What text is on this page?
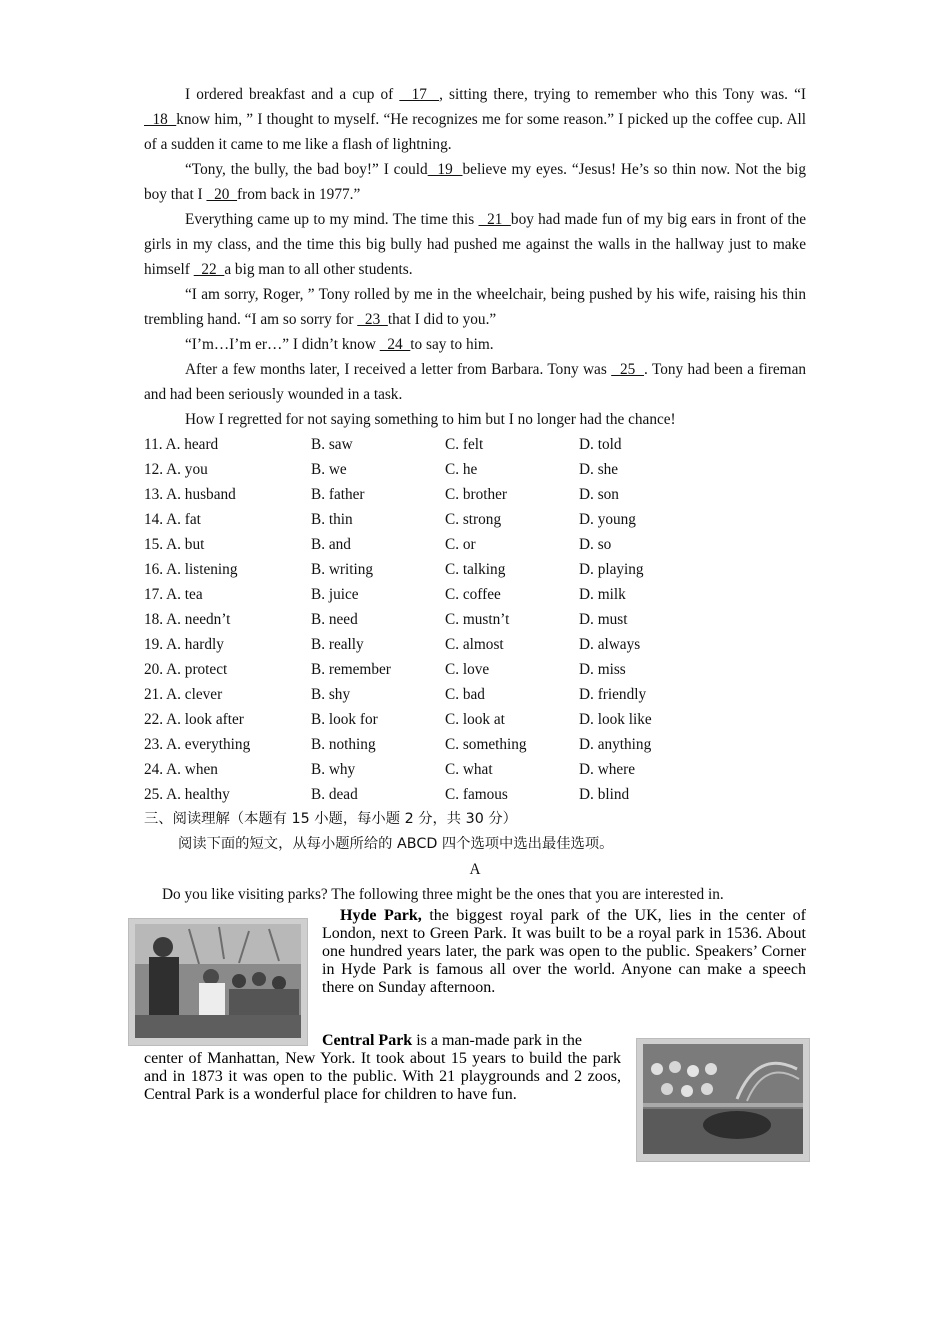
I ordered breakfast and a cup of   17  , sitting there, trying to remember who this Tony was. “I   18  know him, ” I thought to myself. “He recognizes me for some reason.” I picked up the coffee cup. All of a sudden it came to me like a flash of lightning.

“Tony, the bully, the bad boy!” I could  19  believe my eyes. “Jesus! He’s so thin now. Not the big boy that I   20  from back in 1977.”

Everything came up to my mind. The time this   21  boy had made fun of my big ears in front of the girls in my class, and the time this big bully had pushed me against the walls in the hallway just to make himself   22  a big man to all other students.

“I am sorry, Roger, ” Tony rolled by me in the wheelchair, being pushed by his wife, raising his thin trembling hand. “I am so sorry for   23  that I did to you.”

“I’m…I’m er…” I didn’t know   24  to say to him.

After a few months later, I received a letter from Barbara. Tony was   25  . Tony had been a fireman and had been seriously wounded in a task.

How I regretted for not saying something to him but I no longer had the chance!

11. A. heard	B. saw	C. felt	D. told
12. A. you	B. we	C. he	D. she
13. A. husband	B. father	C. brother	D. son
14. A. fat	B. thin	C. strong	D. young
15. A. but	B. and	C. or	D. so
16. A. listening	B. writing	C. talking	D. playing
17. A. tea	B. juice	C. coffee	D. milk
18. A. needn’t	B. need	C. mustn’t	D. must
19. A. hardly	B. really	C. almost	D. always
20. A. protect	B. remember	C. love	D. miss
21. A. clever	B. shy	C. bad	D. friendly
22. A. look after	B. look for	C. look at	D. look like
23. A. everything	B. nothing	C. something	D. anything
24. A. when	B. why	C. what	D. where
25. A. healthy	B. dead	C. famous	D. blind

三、阅读理解（本题有 15 小题，每小题 2 分，共 30 分）

阅读下面的短文，从每小题所给的 ABCD 四个选项中选出最佳选项。

A

Do you like visiting parks? The following three might be the ones that you are interested in.

Hyde Park, the biggest royal park of the UK, lies in the center of London, next to Green Park. It was built to be a royal park in 1536. About one hundred years later, the park was open to the public. Speakers’ Corner in Hyde Park is famous all over the world. Anyone can make a speech there on Sunday afternoon.

Central Park is a man-made park in the
center of Manhattan, New York. It took about 15 years to build the park and in 1873 it was open to the public. With 21 playgrounds and 2 zoos, Central Park is a wonderful place for children to have fun.
